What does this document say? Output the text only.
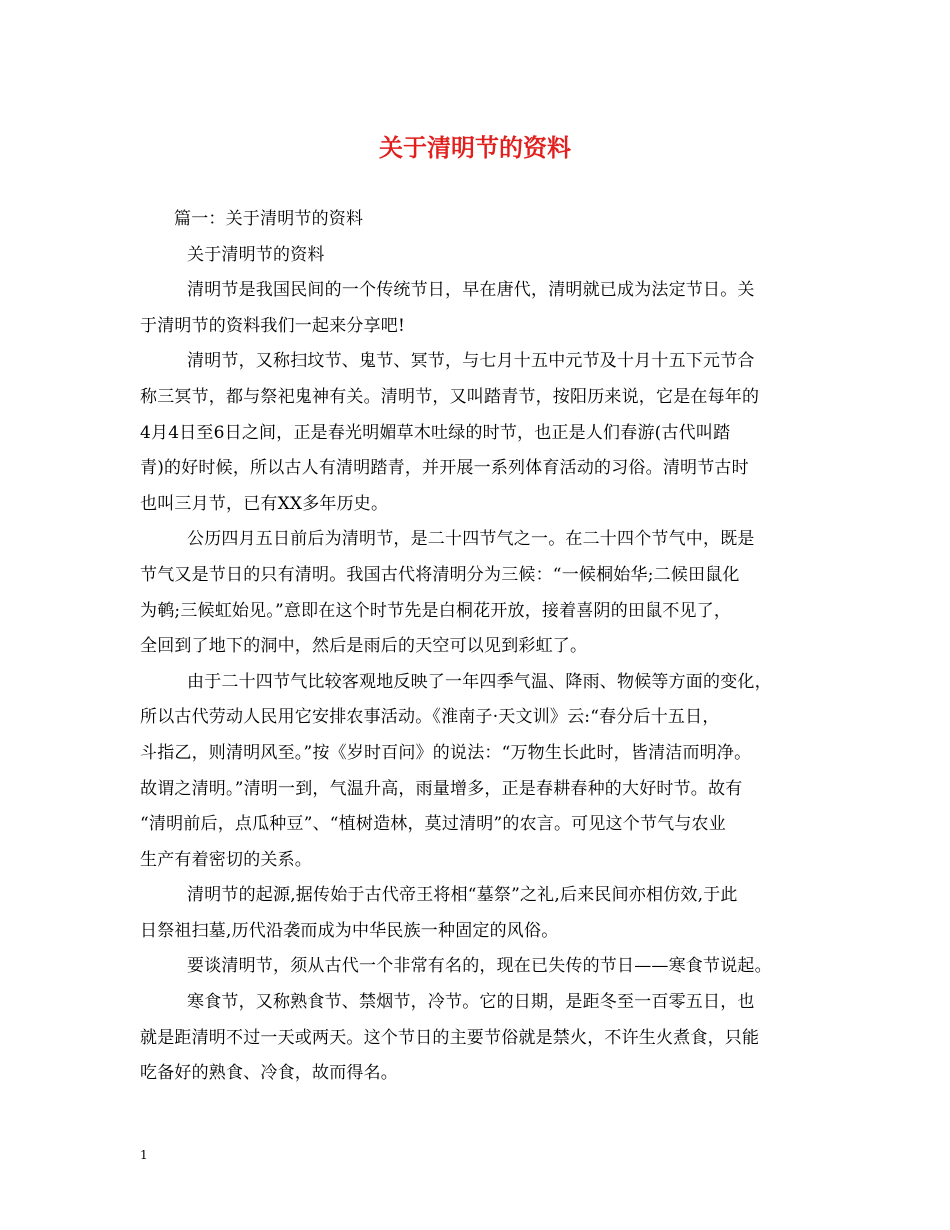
关于清明节的资料
篇一：关于清明节的资料
关于清明节的资料
清明节是我国民间的一个传统节日，早在唐代，清明就已成为法定节日。关
于清明节的资料我们一起来分享吧!
清明节，又称扫坟节、鬼节、冥节，与七月十五中元节及十月十五下元节合
称三冥节，都与祭祀鬼神有关。清明节，又叫踏青节，按阳历来说，它是在每年的
4月4日至6日之间，正是春光明媚草木吐绿的时节，也正是人们春游(古代叫踏
青)的好时候，所以古人有清明踏青，并开展一系列体育活动的习俗。清明节古时
也叫三月节，已有XX多年历史。
公历四月五日前后为清明节，是二十四节气之一。在二十四个节气中，既是
节气又是节日的只有清明。我国古代将清明分为三候：“一候桐始华;二候田鼠化
为鹌;三候虹始见。”意即在这个时节先是白桐花开放，接着喜阴的田鼠不见了，
全回到了地下的洞中，然后是雨后的天空可以见到彩虹了。
由于二十四节气比较客观地反映了一年四季气温、降雨、物候等方面的变化，
所以古代劳动人民用它安排农事活动。《淮南子·天文训》云:“春分后十五日，
斗指乙，则清明风至。”按《岁时百问》的说法：“万物生长此时，皆清洁而明净。
故谓之清明。”清明一到，气温升高，雨量增多，正是春耕春种的大好时节。故有
“清明前后，点瓜种豆”、“植树造林，莫过清明”的农言。可见这个节气与农业
生产有着密切的关系。
清明节的起源,据传始于古代帝王将相“墓祭”之礼,后来民间亦相仿效,于此
日祭祖扫墓,历代沿袭而成为中华民族一种固定的风俗。
要谈清明节，须从古代一个非常有名的，现在已失传的节日——寒食节说起。
寒食节，又称熟食节、禁烟节，冷节。它的日期，是距冬至一百零五日，也
就是距清明不过一天或两天。这个节日的主要节俗就是禁火，不许生火煮食，只能
吃备好的熟食、冷食，故而得名。
1
